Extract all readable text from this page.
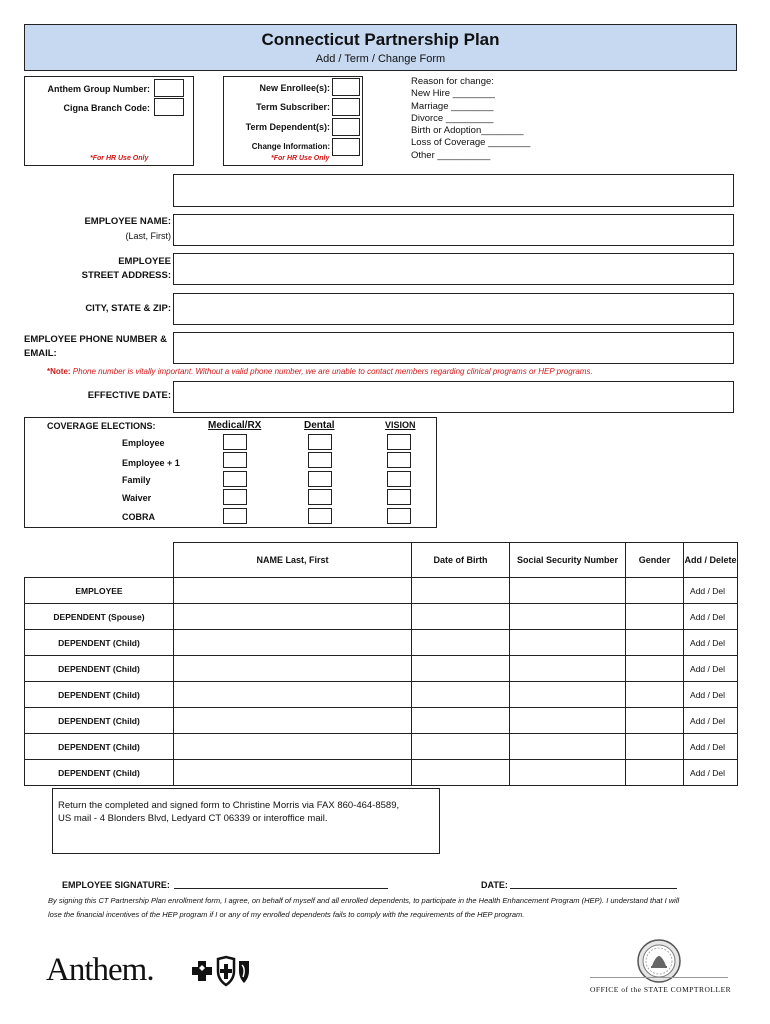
Connecticut Partnership Plan
Add / Term / Change Form
Anthem Group Number:
Cigna Branch Code:
*For HR Use Only
New Enrollee(s):
Term Subscriber:
Term Dependent(s):
Change Information:
*For HR Use Only
Reason for change:
New Hire ________
Marriage ________
Divorce _________
Birth or Adoption________
Loss of Coverage ________
Other __________
EMPLOYEE NAME:
(Last, First)
EMPLOYEE
STREET ADDRESS:
CITY, STATE & ZIP:
EMPLOYEE PHONE NUMBER &
EMAIL:
*Note: Phone number is vitally important. Without a valid phone number, we are unable to contact members regarding clinical programs or HEP programs.
EFFECTIVE DATE:
COVERAGE ELECTIONS:	Medical/RX	Dental	VISION
Employee
Employee + 1
Family
Waiver
COBRA
	NAME Last, First	Date of Birth	Social Security Number	Gender	Add / Delete
EMPLOYEE					Add / Del
DEPENDENT (Spouse)					Add / Del
DEPENDENT (Child)					Add / Del
DEPENDENT (Child)					Add / Del
DEPENDENT (Child)					Add / Del
DEPENDENT (Child)					Add / Del
DEPENDENT (Child)					Add / Del
DEPENDENT (Child)					Add / Del
Return the completed and signed form to Christine Morris via FAX 860-464-8589,
US mail - 4 Blonders Blvd, Ledyard CT 06339 or interoffice mail.
EMPLOYEE SIGNATURE:	DATE:
By signing this CT Partnership Plan enrollment form, I agree, on behalf of myself and all enrolled dependents, to participate in the Health Enhancement Program (HEP). I understand that I will lose the financial incentives of the HEP program if I or any of my enrolled dependents fails to comply with the requirements of the HEP program.
Anthem.
OFFICE of the STATE COMPTROLLER
